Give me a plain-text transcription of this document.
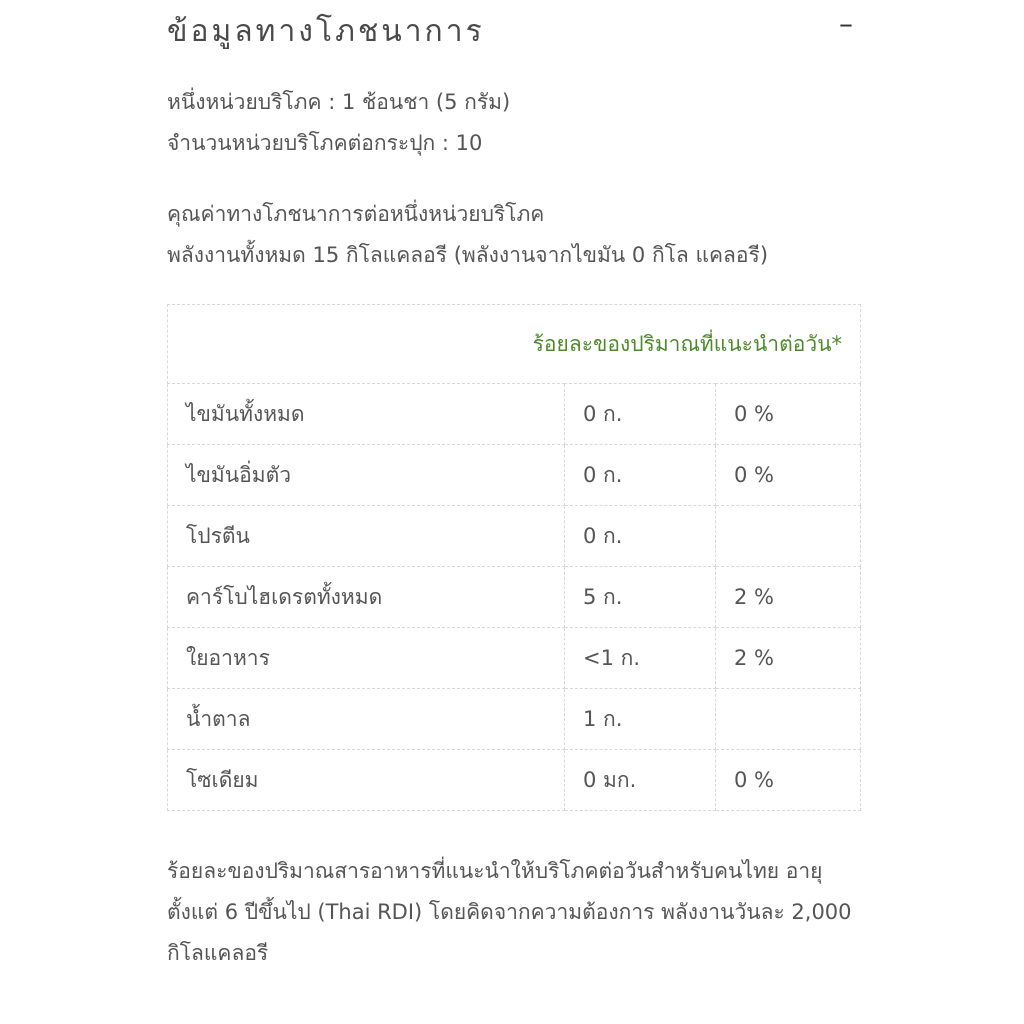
ข้อมูลทางโภชนาการ	–
หนึ่งหน่วยบริโภค : 1 ช้อนชา (5 กรัม)
จำนวนหน่วยบริโภคต่อกระปุก : 10
คุณค่าทางโภชนาการต่อหนึ่งหน่วยบริโภค
พลังงานทั้งหมด 15 กิโลแคลอรี (พลังงานจากไขมัน 0 กิโล แคลอรี)
ร้อยละของปริมาณที่แนะนำต่อวัน*		
ไขมันทั้งหมด	0 ก.	0 %
ไขมันอิ่มตัว	0 ก.	0 %
โปรตีน	0 ก.	
คาร์โบไฮเดรตทั้งหมด	5 ก.	2 %
ใยอาหาร	<1 ก.	2 %
น้ำตาล	1 ก.	
โซเดียม	0 มก.	0 %
ร้อยละของปริมาณสารอาหารที่แนะนำให้บริโภคต่อวันสำหรับคนไทย อายุตั้งแต่ 6 ปีขึ้นไป (Thai RDI) โดยคิดจากความต้องการ พลังงานวันละ 2,000 กิโลแคลอรี
